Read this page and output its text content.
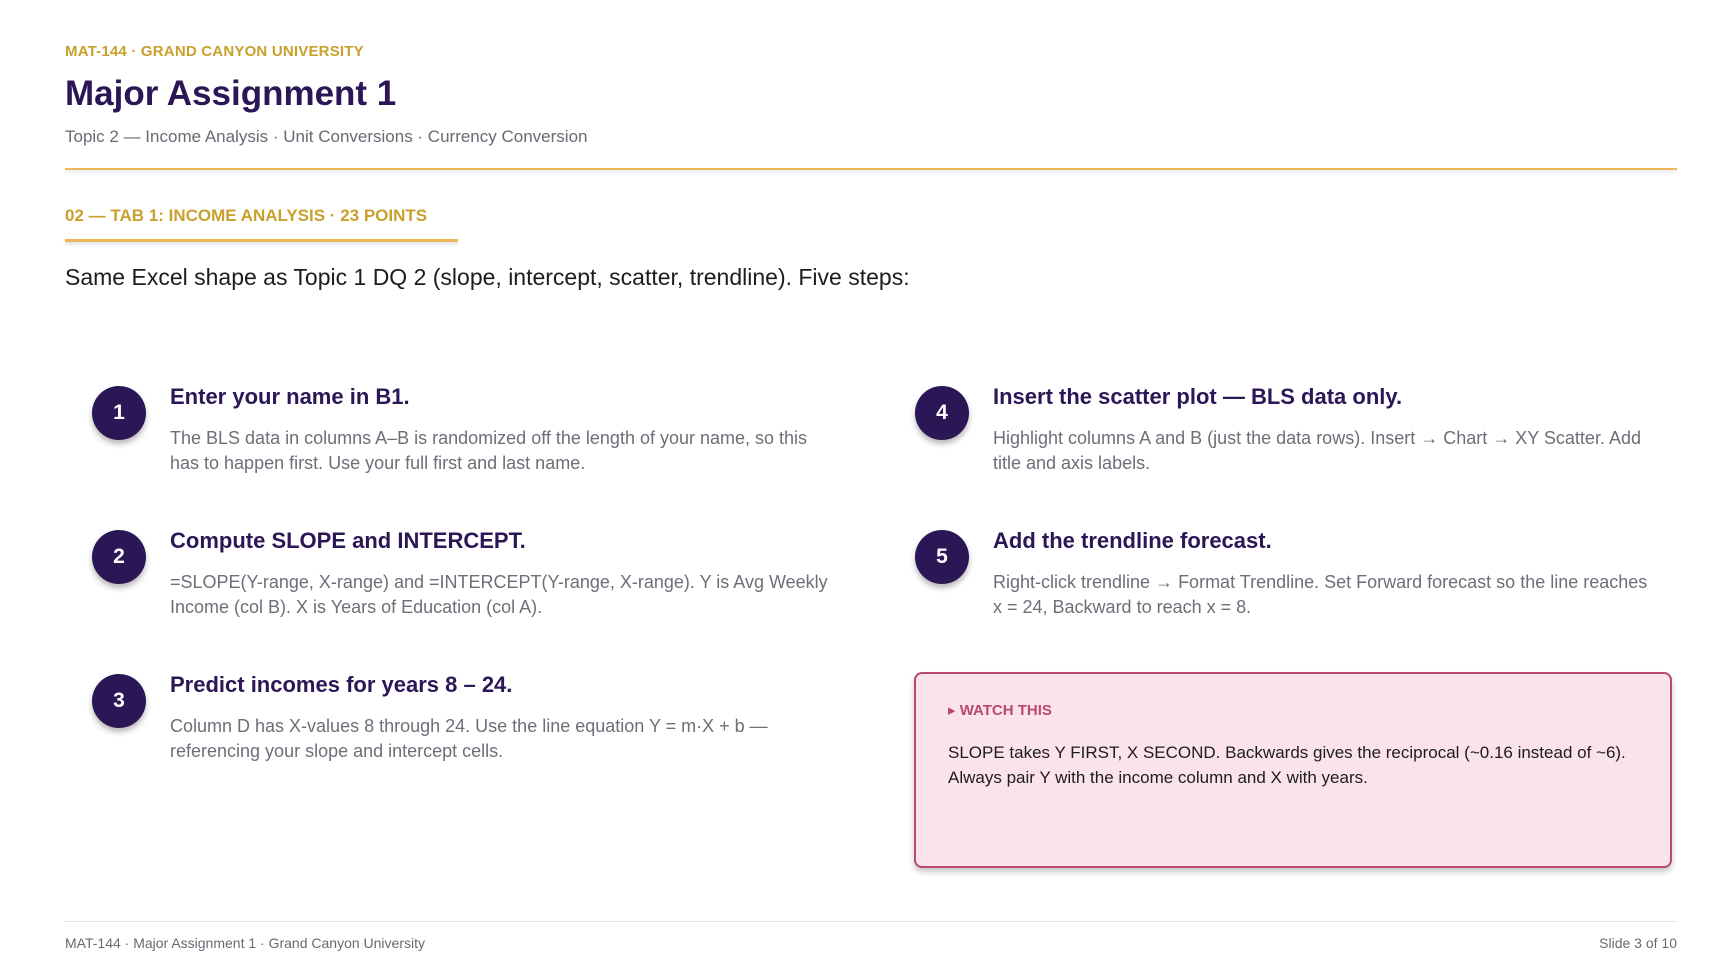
MAT-144 · GRAND CANYON UNIVERSITY
Major Assignment 1
Topic 2 — Income Analysis · Unit Conversions · Currency Conversion
02 — TAB 1: INCOME ANALYSIS · 23 POINTS
Same Excel shape as Topic 1 DQ 2 (slope, intercept, scatter, trendline). Five steps:
1
Enter your name in B1.
The BLS data in columns A–B is randomized off the length of your name, so this has to happen first. Use your full first and last name.
2
Compute SLOPE and INTERCEPT.
=SLOPE(Y-range, X-range) and =INTERCEPT(Y-range, X-range). Y is Avg Weekly Income (col B). X is Years of Education (col A).
3
Predict incomes for years 8 – 24.
Column D has X-values 8 through 24. Use the line equation Y = m·X + b — referencing your slope and intercept cells.
4
Insert the scatter plot — BLS data only.
Highlight columns A and B (just the data rows). Insert → Chart → XY Scatter. Add title and axis labels.
5
Add the trendline forecast.
Right-click trendline → Format Trendline. Set Forward forecast so the line reaches x = 24, Backward to reach x = 8.
▸ WATCH THIS
SLOPE takes Y FIRST, X SECOND. Backwards gives the reciprocal (~0.16 instead of ~6). Always pair Y with the income column and X with years.
MAT-144 · Major Assignment 1 · Grand Canyon University	Slide 3 of 10
